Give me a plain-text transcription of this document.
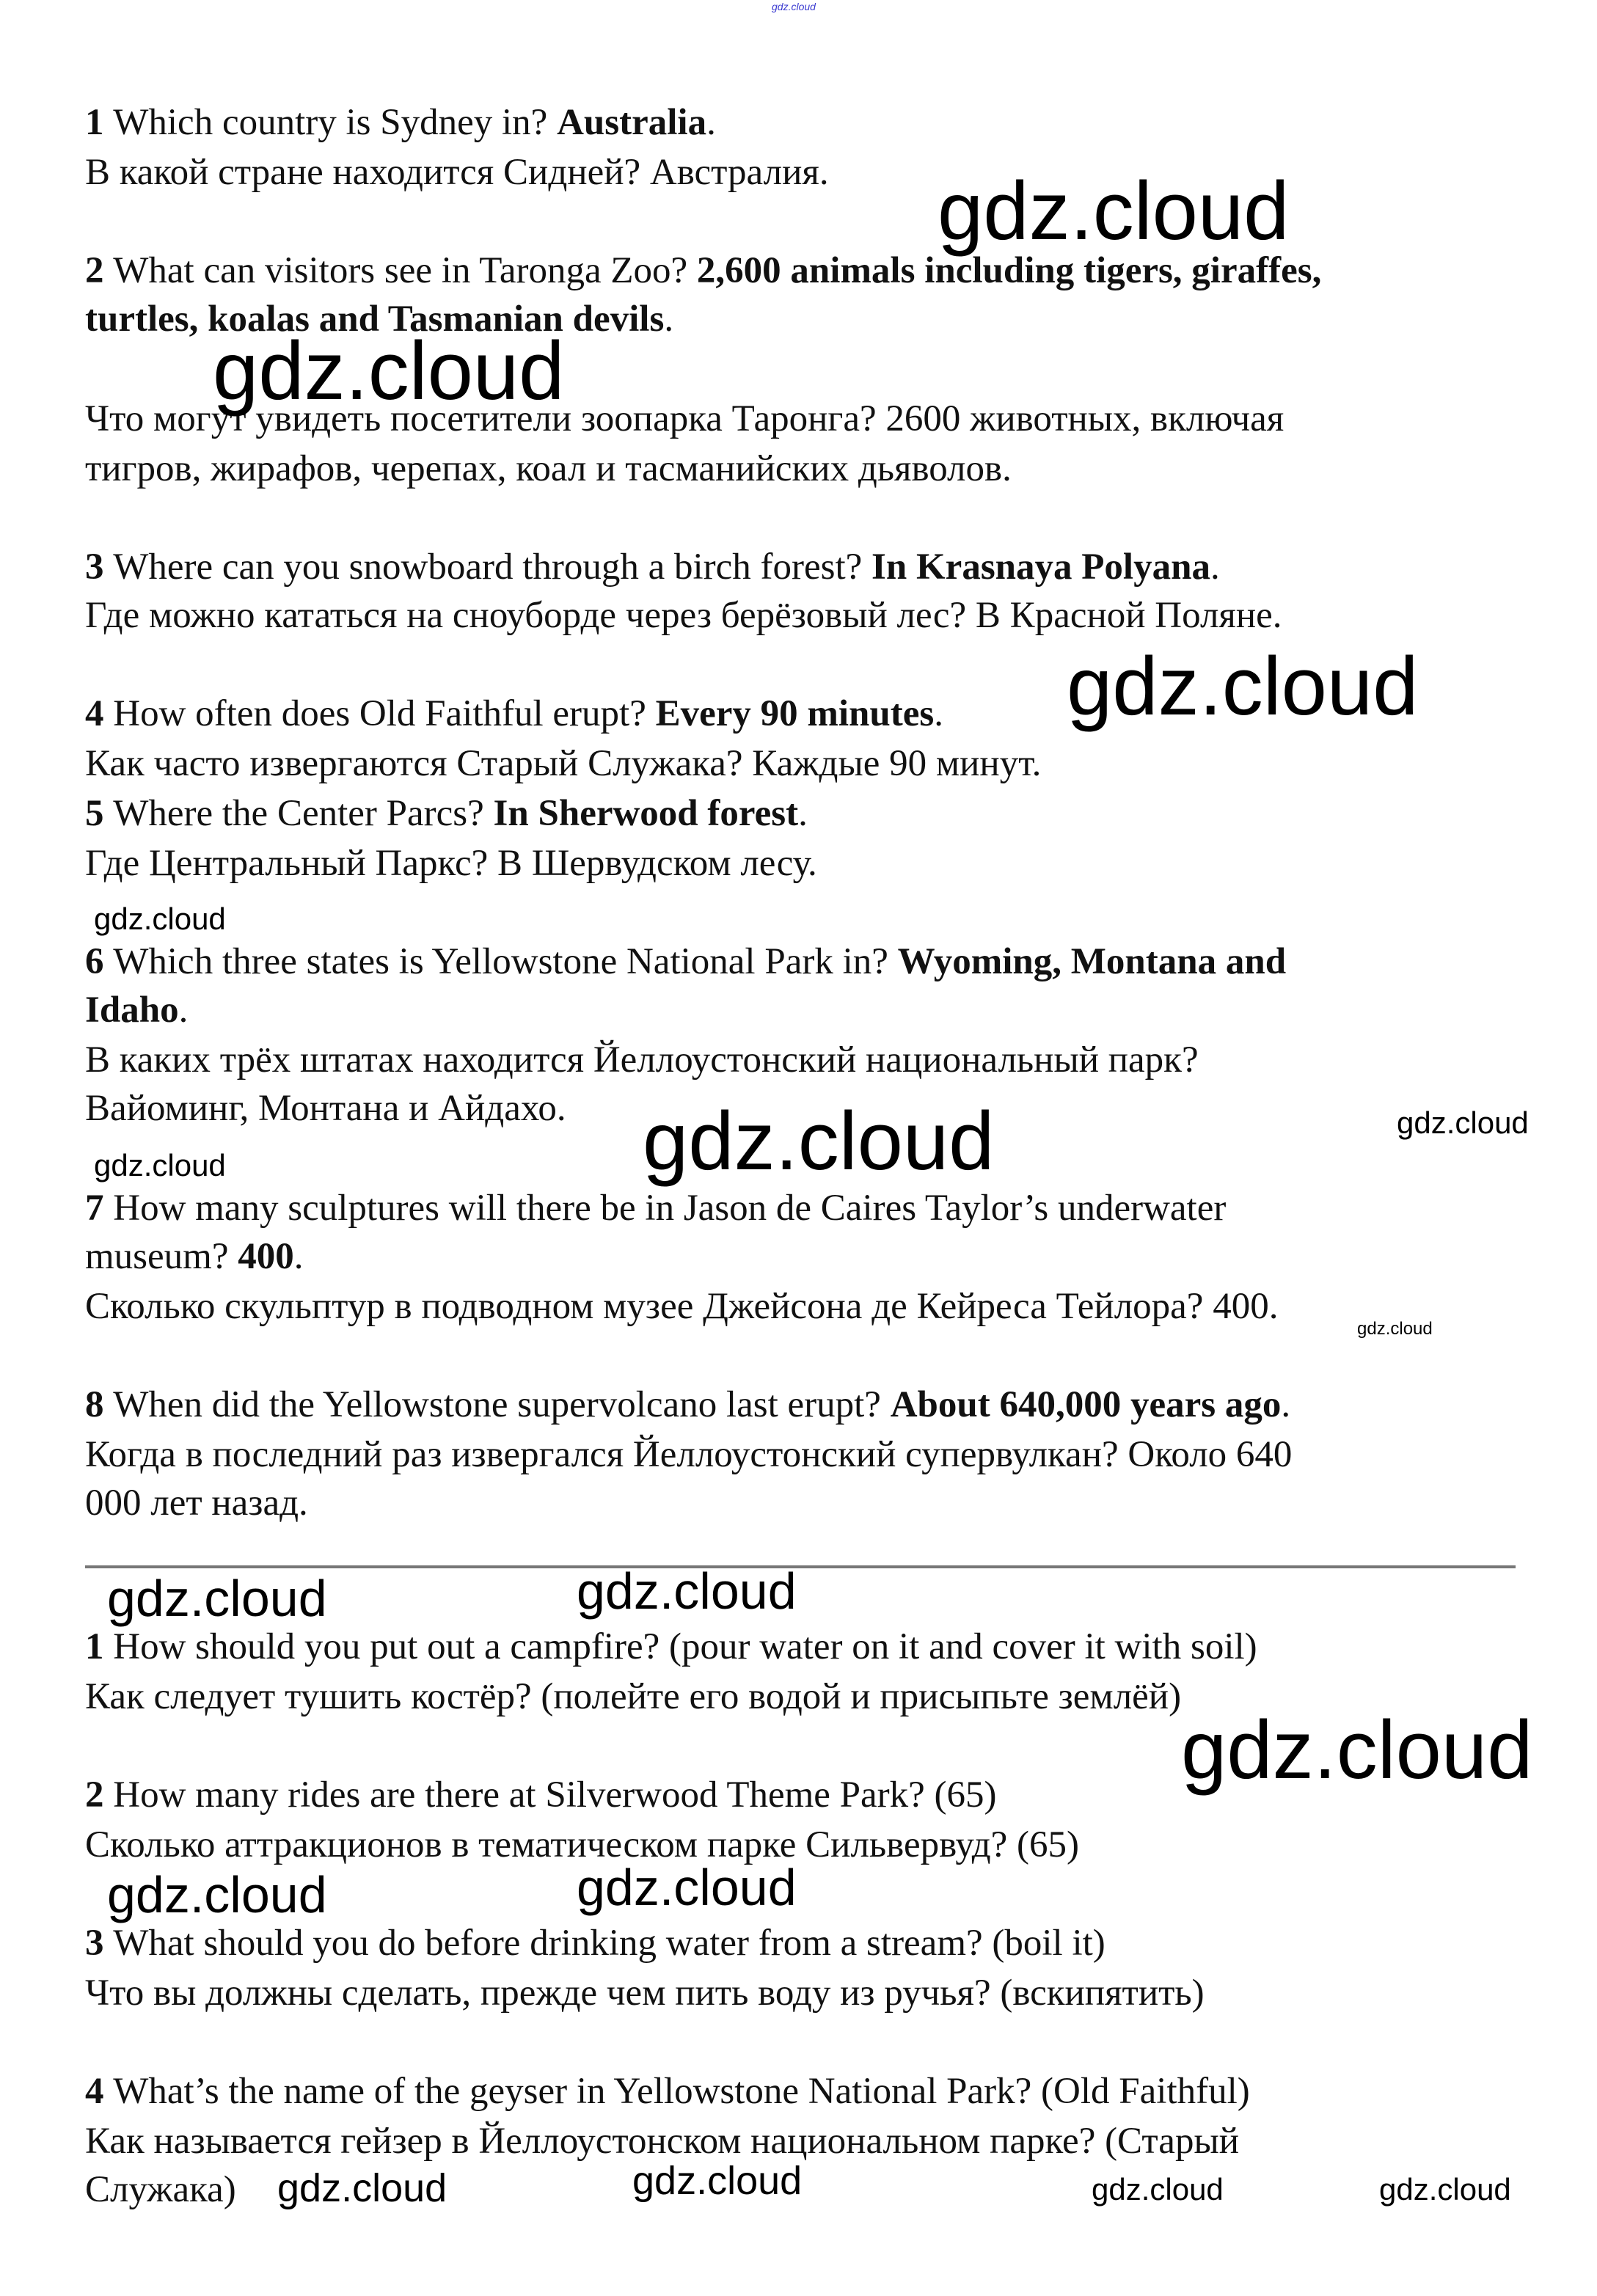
gdz.cloud
1 Which country is Sydney in? Australia.
В какой стране находится Сидней? Австралия.
2 What can visitors see in Taronga Zoo? 2,600 animals including tigers, giraffes,
turtles, koalas and Tasmanian devils.
Что могут увидеть посетители зоопарка Таронга? 2600 животных, включая
тигров, жирафов, черепах, коал и тасманийских дьяволов.
3 Where can you snowboard through a birch forest? In Krasnaya Polyana.
Где можно кататься на сноуборде через берёзовый лес? В Красной Поляне.
4 How often does Old Faithful erupt? Every 90 minutes.
Как часто извергаются Старый Служака? Каждые 90 минут.
5 Where the Center Parcs? In Sherwood forest.
Где Центральный Паркс? В Шервудском лесу.
6 Which three states is Yellowstone National Park in? Wyoming, Montana and
Idaho.
В каких трёх штатах находится Йеллоустонский национальный парк?
Вайоминг, Монтана и Айдахо.
7 How many sculptures will there be in Jason de Caires Taylor’s underwater
museum? 400.
Сколько скульптур в подводном музее Джейсона де Кейреса Тейлора? 400.
8 When did the Yellowstone supervolcano last erupt? About 640,000 years ago.
Когда в последний раз извергался Йеллоустонский супервулкан? Около 640
000 лет назад.
1 How should you put out a campfire? (pour water on it and cover it with soil)
Как следует тушить костёр? (полейте его водой и присыпьте землёй)
2 How many rides are there at Silverwood Theme Park? (65)
Сколько аттракционов в тематическом парке Сильвервуд? (65)
3 What should you do before drinking water from a stream? (boil it)
Что вы должны сделать, прежде чем пить воду из ручья? (вскипятить)
4 What’s the name of the geyser in Yellowstone National Park? (Old Faithful)
Как называется гейзер в Йеллоустонском национальном парке? (Старый
Служака)
gdz.cloud
gdz.cloud
gdz.cloud
gdz.cloud
gdz.cloud	gdz.cloud
gdz.cloud
gdz.cloud
gdz.cloud	gdz.cloud
gdz.cloud
gdz.cloud	gdz.cloud
gdz.cloud	gdz.cloud	gdz.cloud	gdz.cloud
